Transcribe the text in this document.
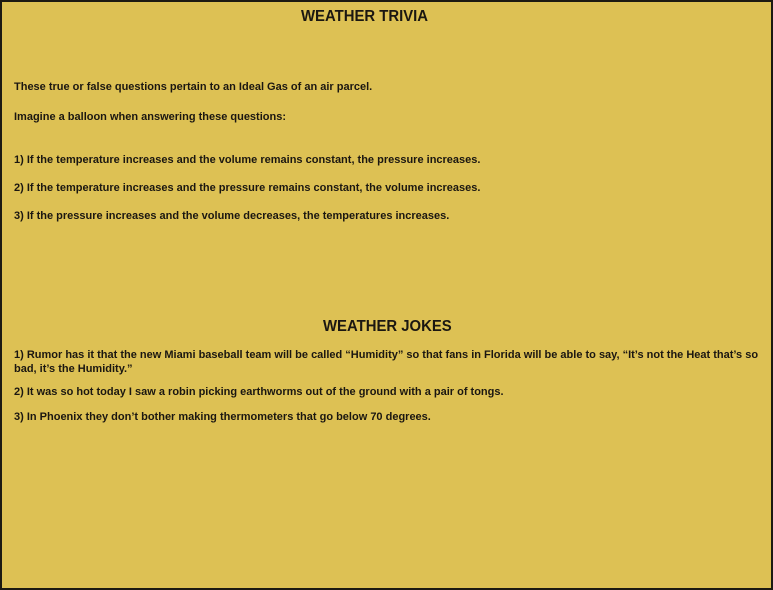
WEATHER TRIVIA

These true or false questions pertain to an Ideal Gas of an air parcel.

Imagine a balloon when answering these questions:

1) If the temperature increases and the volume remains constant, the pressure increases.

2) If the temperature increases and the pressure remains constant, the volume increases.

3) If the pressure increases and the volume decreases, the temperatures increases.

WEATHER JOKES

1) Rumor has it that the new Miami baseball team will be called “Humidity” so that fans in Florida will be able to say, “It’s not the Heat that’s so bad, it’s the Humidity.”

2) It was so hot today I saw a robin picking earthworms out of the ground with a pair of tongs.

3) In Phoenix they don’t bother making thermometers that go below 70 degrees.
